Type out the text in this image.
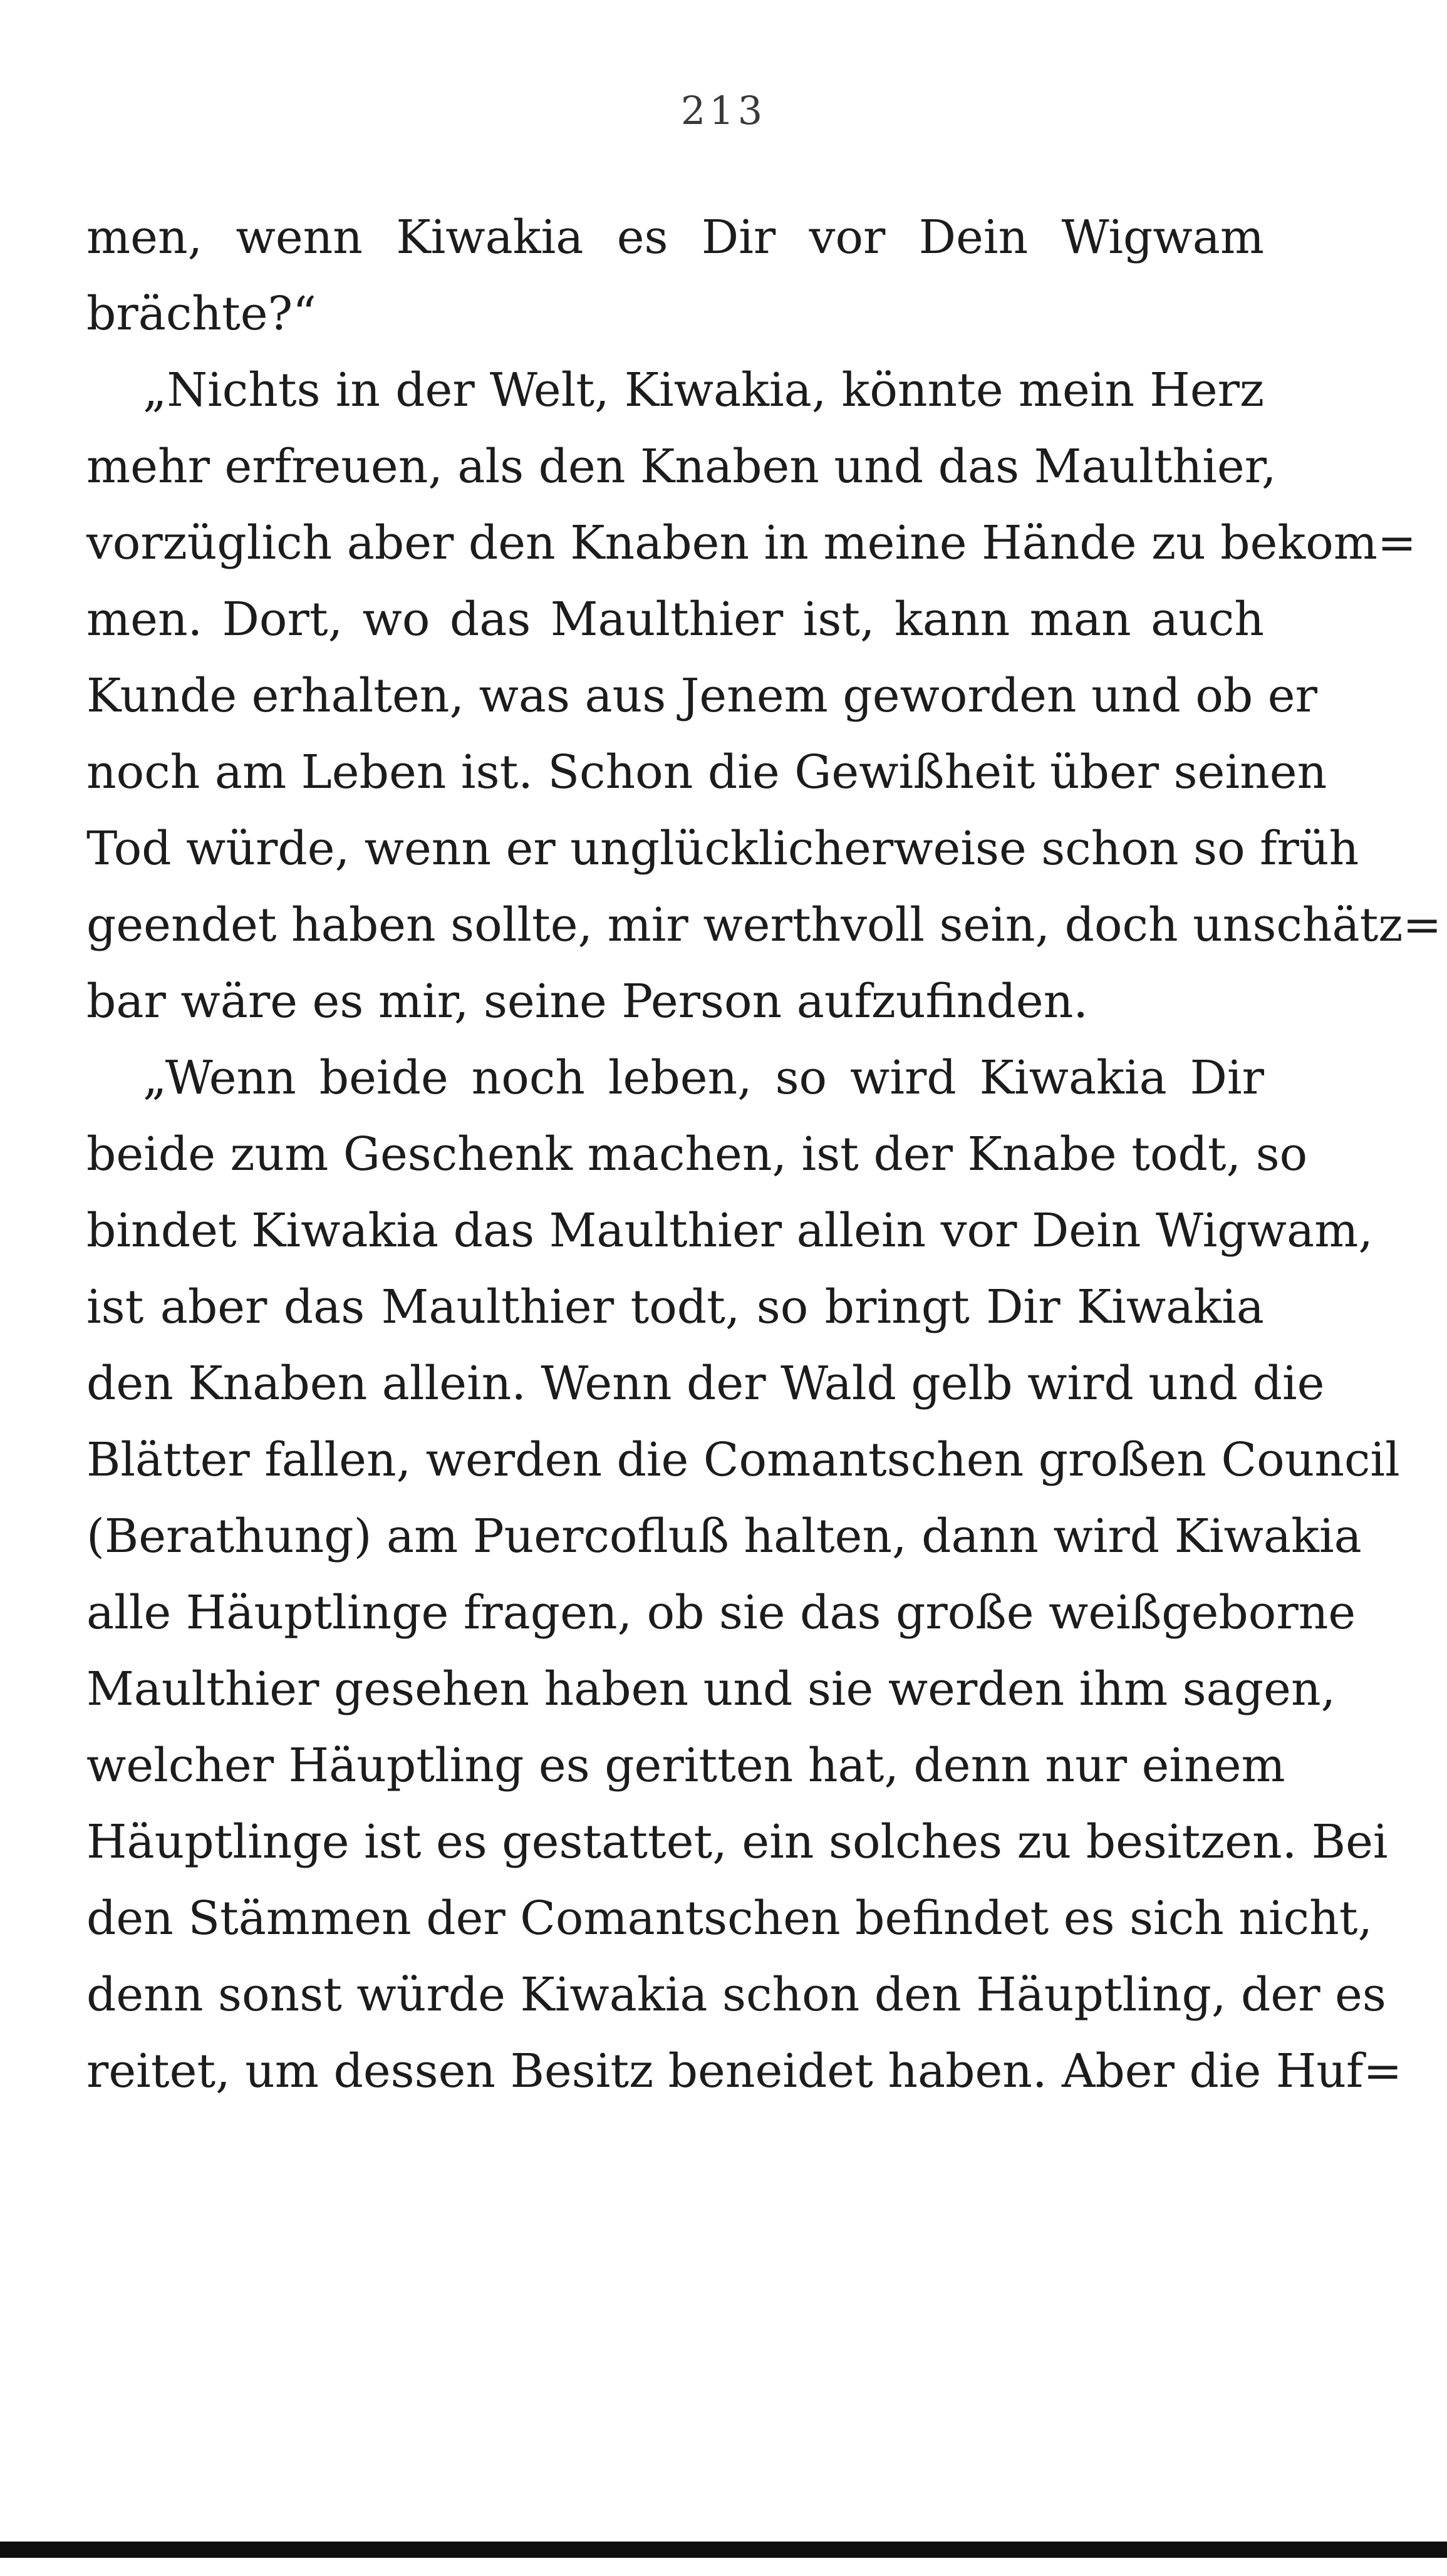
213
men, wenn Kiwakia es Dir vor Dein Wigwam
brächte?“
„Nichts in der Welt, Kiwakia, könnte mein Herz
mehr erfreuen, als den Knaben und das Maulthier,
vorzüglich aber den Knaben in meine Hände zu bekom=
men. Dort, wo das Maulthier ist, kann man auch
Kunde erhalten, was aus Jenem geworden und ob er
noch am Leben ist. Schon die Gewißheit über seinen
Tod würde, wenn er unglücklicherweise schon so früh
geendet haben sollte, mir werthvoll sein, doch unschätz=
bar wäre es mir, seine Person aufzufinden.
„Wenn beide noch leben, so wird Kiwakia Dir
beide zum Geschenk machen, ist der Knabe todt, so
bindet Kiwakia das Maulthier allein vor Dein Wigwam,
ist aber das Maulthier todt, so bringt Dir Kiwakia
den Knaben allein. Wenn der Wald gelb wird und die
Blätter fallen, werden die Comantschen großen Council
(Berathung) am Puercofluß halten, dann wird Kiwakia
alle Häuptlinge fragen, ob sie das große weißgeborne
Maulthier gesehen haben und sie werden ihm sagen,
welcher Häuptling es geritten hat, denn nur einem
Häuptlinge ist es gestattet, ein solches zu besitzen. Bei
den Stämmen der Comantschen befindet es sich nicht,
denn sonst würde Kiwakia schon den Häuptling, der es
reitet, um dessen Besitz beneidet haben. Aber die Huf=
